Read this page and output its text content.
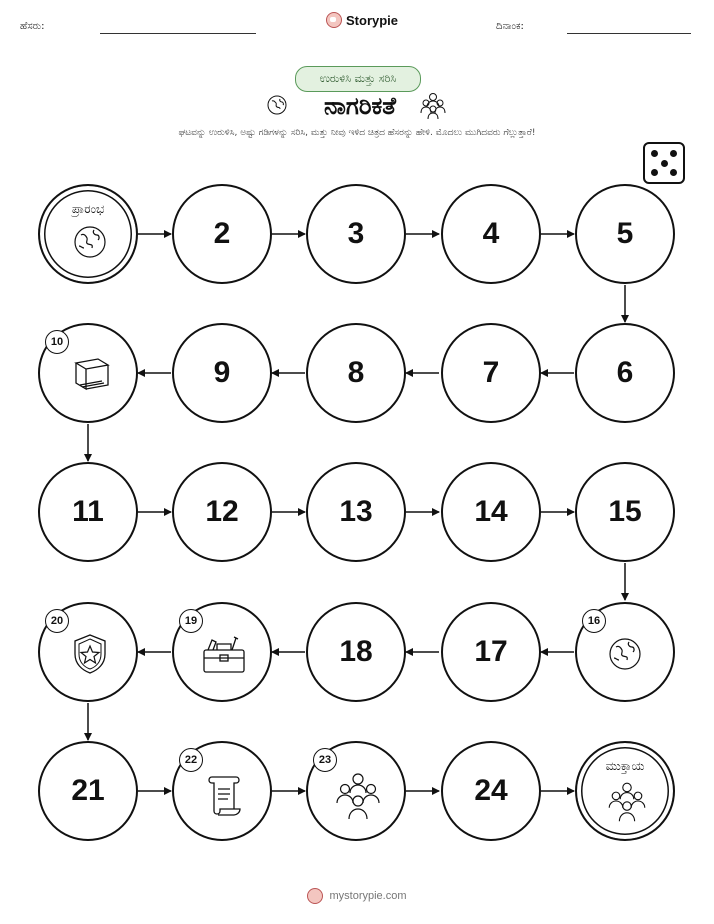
ಹೆಸರು:	Storypie	ದಿನಾಂಕ:
ಉರುಳಿಸಿ ಮತ್ತು ಸರಿಸಿ
ನಾಗರಿಕತೆ
ಘಟವನ್ನು ಉರುಳಿಸಿ, ಅಷ್ಟು ಗಡಿಗಳನ್ನು ಸರಿಸಿ, ಮತ್ತು ನೀವು ಇಳಿದ ಚಿತ್ರದ ಹೆಸರನ್ನು ಹೇಳಿ. ಮೊದಲು ಮುಗಿದವರು ಗೆಲ್ಲುತ್ತಾರೆ!
ಪ್ರಾರಂಭ
2	3	4	5
10
9	8	7	6
11	12	13	14	15
20	19
18	17
16
21
22	23
24
ಮುಕ್ತಾಯ
mystorypie.com
